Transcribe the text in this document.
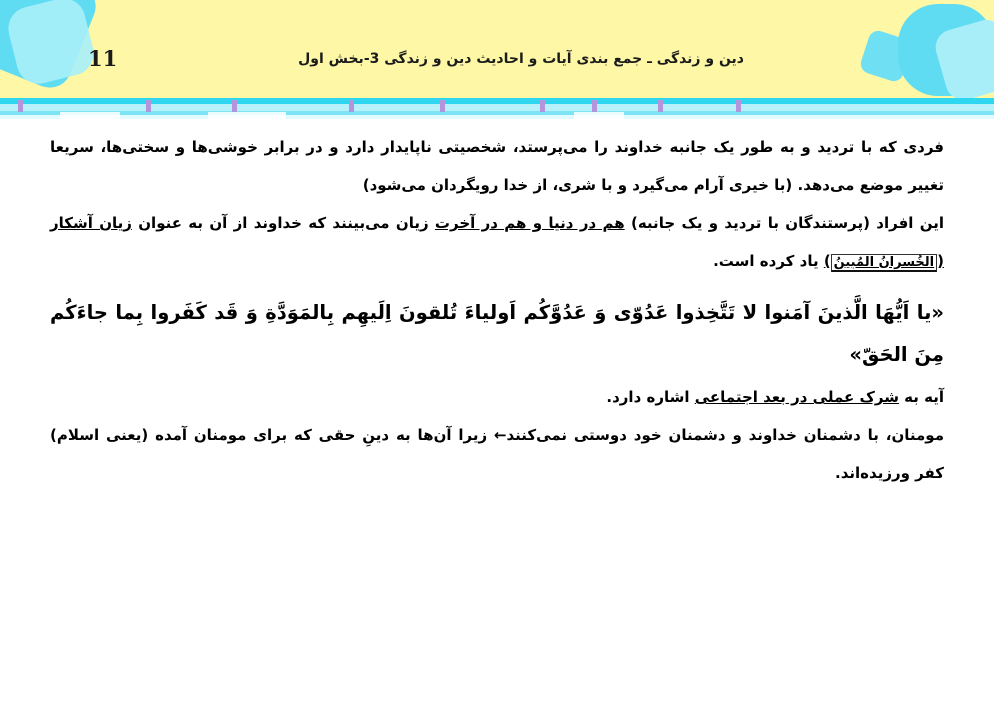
11	دین و زندگی ـ جمع بندی آیات و احادیث دین و زندگی 3-بخش اول

فردی که با تردید و به طور یک جانبه خداوند را می‌پرستد، شخصیتی ناپایدار دارد و در برابر خوشی‌ها و سختی‌ها، سریعا تغییر موضع می‌دهد. (با خیری آرام می‌گیرد و با شری، از خدا رویگردان می‌شود)

این افراد (پرستندگان با تردید و یک جانبه) هم در دنیا و هم در آخرت زیان می‌بینند که خداوند از آن به عنوان زیان آشکار (الخُسرانُ المُبینُ) یاد کرده است.

«یا اَیُّهَا الَّذینَ آمَنوا لا تَتَّخِذوا عَدُوّی وَ عَدُوَّکُم اَولیاءَ تُلقونَ اِلَیهِم بِالمَوَدَّةِ وَ قَد کَفَروا بِما جاءَکُم مِنَ الحَقّ»

آیه به شرک عملی در بعد اجتماعی اشاره دارد.

مومنان، با دشمنان خداوند و دشمنان خود دوستی نمی‌کنند← زیرا آن‌ها به دینِ حقی که برای مومنان آمده (یعنی اسلام) کفر ورزیده‌اند.
